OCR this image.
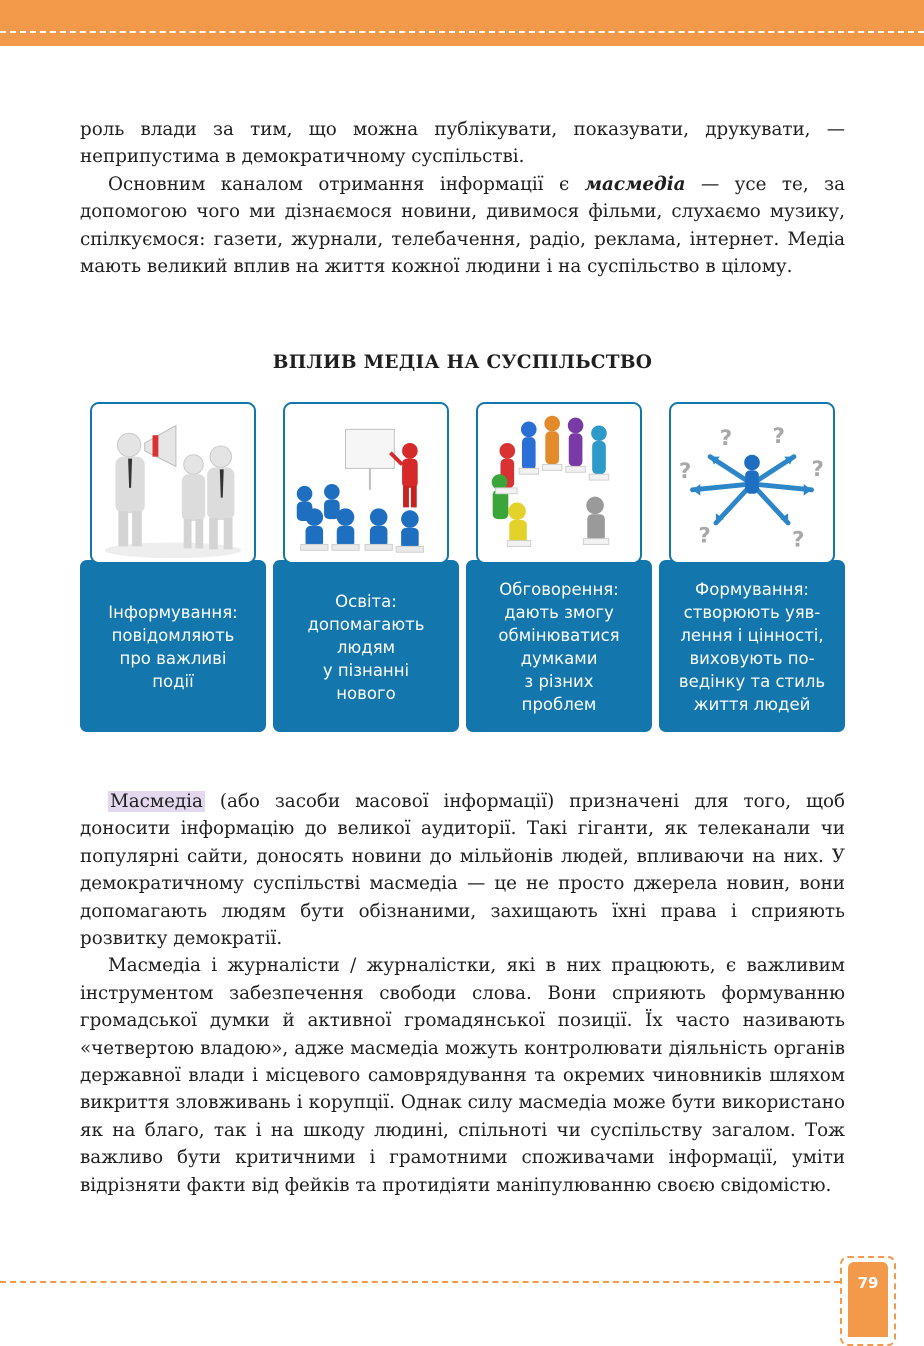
роль влади за тим, що можна публікувати, показувати, друкувати, —

неприпустима в демократичному суспільстві.

Основним каналом отримання інформації є масмедіа — усе те, за допомогою чого ми дізнаємося новини, дивимося фільми, слухаємо музику, спілкуємося: газети, журнали, телебачення, радіо, реклама, інтернет. Медіа мають великий вплив на життя кожної людини і на суспільство в цілому.

ВПЛИВ МЕДІА НА СУСПІЛЬСТВО
Інформування:
повідомляють
про важливі
події
Освіта:
допомагають
людям
у пізнанні
нового
Обговорення:
дають змогу
обмінюватися
думками
з різних
проблем
? ?
?	?
?	?
Формування:
створюють уяв-
лення і цінності,
виховують по-
ведінку та стиль
життя людей

Масмедіа (або засоби масової інформації) призначені для того, щоб доносити інформацію до великої аудиторії. Такі гіганти, як телеканали чи популярні сайти, доносять новини до мільйонів людей, впливаючи на них. У демократичному суспільстві масмедіа — це не просто джерела новин, вони допомагають людям бути обізнаними, захищають їхні права і сприяють розвитку демократії.

Масмедіа і журналісти / журналістки, які в них працюють, є важливим інструментом забезпечення свободи слова. Вони сприяють формуванню громадської думки й активної громадянської позиції. Їх часто називають «четвертою владою», адже масмедіа можуть контролювати діяльність органів державної влади і місцевого самоврядування та окремих чиновників шляхом викриття зловживань і корупції. Однак силу масмедіа може бути використано як на благо, так і на шкоду людині, спільноті чи суспільству загалом. Тож важливо бути критичними і грамотними споживачами інформації, уміти відрізняти факти від фейків та протидіяти маніпулюванню своєю свідомістю.

79
